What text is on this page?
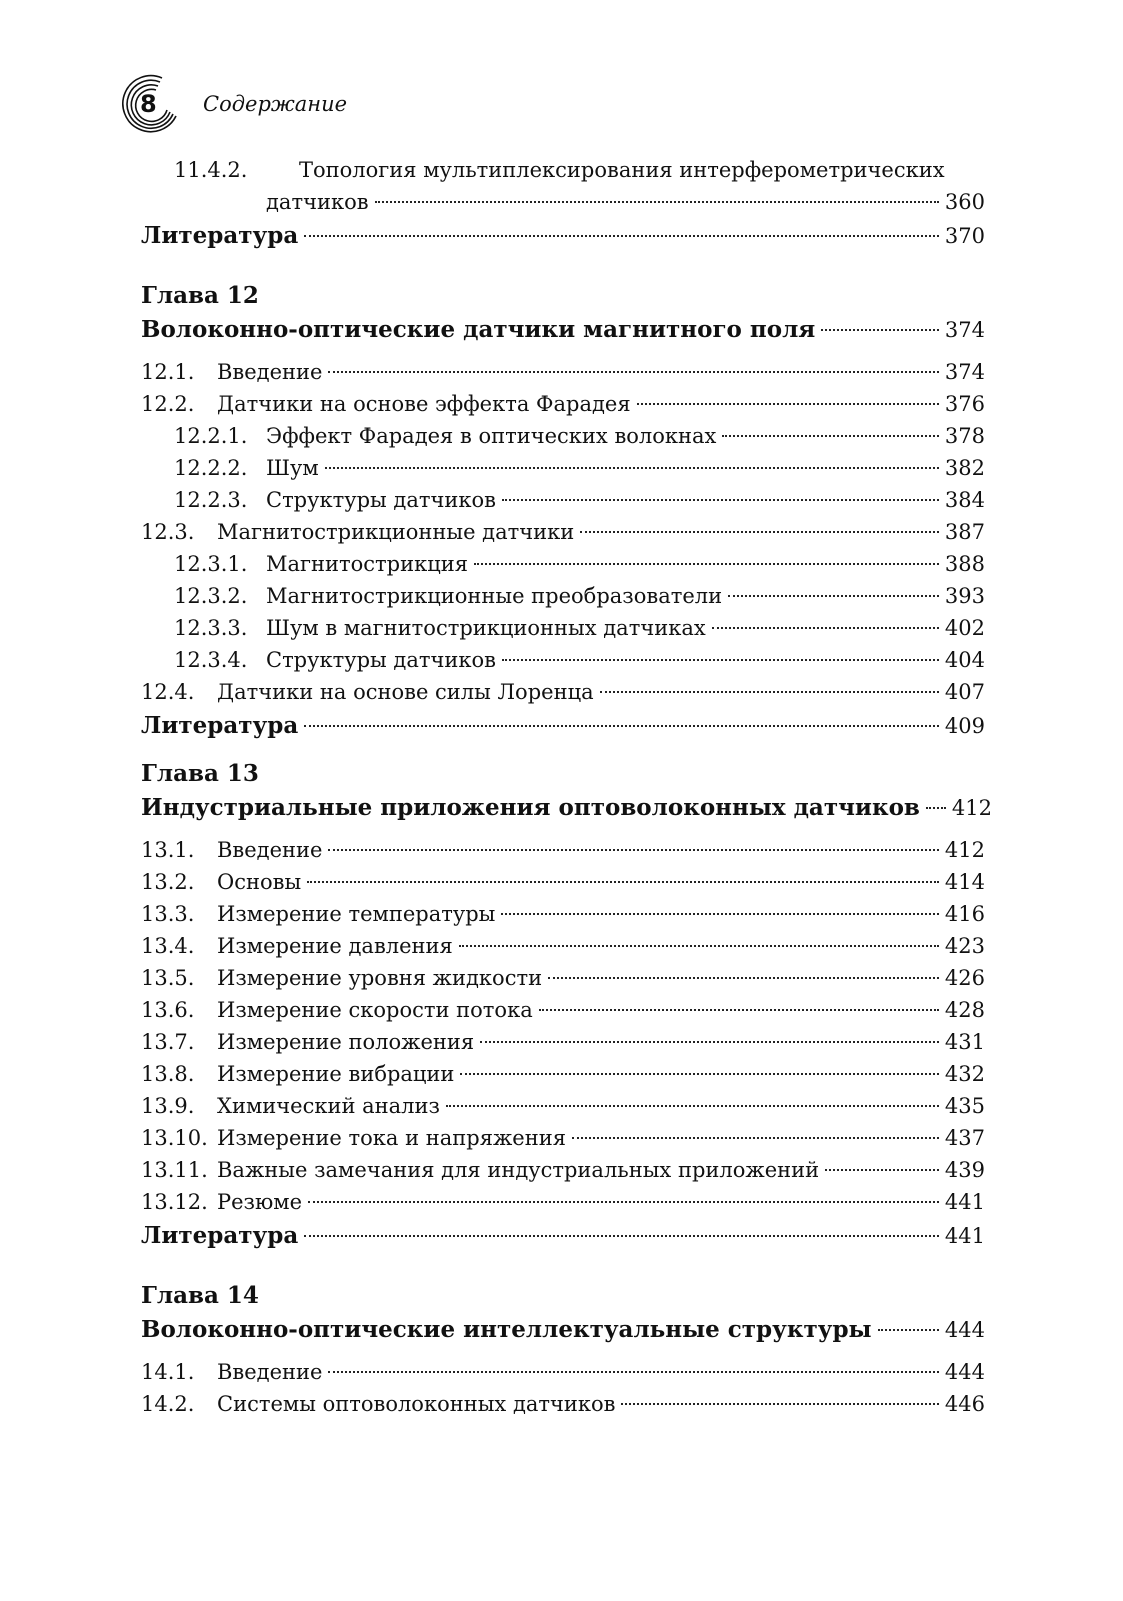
8 Содержание
11.4.2.	Топология мультиплексирования интерферометрических
датчиков	360
Литература	370
Глава 12
Волоконно-оптические датчики магнитного поля	374
12.1.	Введение	374
12.2.	Датчики на основе эффекта Фарадея	376
12.2.1. Эффект Фарадея в оптических волокнах	378
12.2.2. Шум	382
12.2.3. Структуры датчиков	384
12.3.	Магнитострикционные датчики	387
12.3.1. Магнитострикция	388
12.3.2. Магнитострикционные преобразователи	393
12.3.3. Шум в магнитострикционных датчиках	402
12.3.4. Структуры датчиков	404
12.4.	Датчики на основе силы Лоренца	407
Литература	409
Глава 13
Индустриальные приложения оптоволоконных датчиков 412
13.1.	Введение	412
13.2.	Основы	414
13.3.	Измерение температуры	416
13.4.	Измерение давления	423
13.5.	Измерение уровня жидкости	426
13.6.	Измерение скорости потока	428
13.7.	Измерение положения	431
13.8.	Измерение вибрации	432
13.9.	Химический анализ	435
13.10. Измерение тока и напряжения	437
13.11. Важные замечания для индустриальных приложений	439
13.12. Резюме	441
Литература	441
Глава 14
Волоконно-оптические интеллектуальные структуры	444
14.1.	Введение	444
14.2.	Системы оптоволоконных датчиков	446
